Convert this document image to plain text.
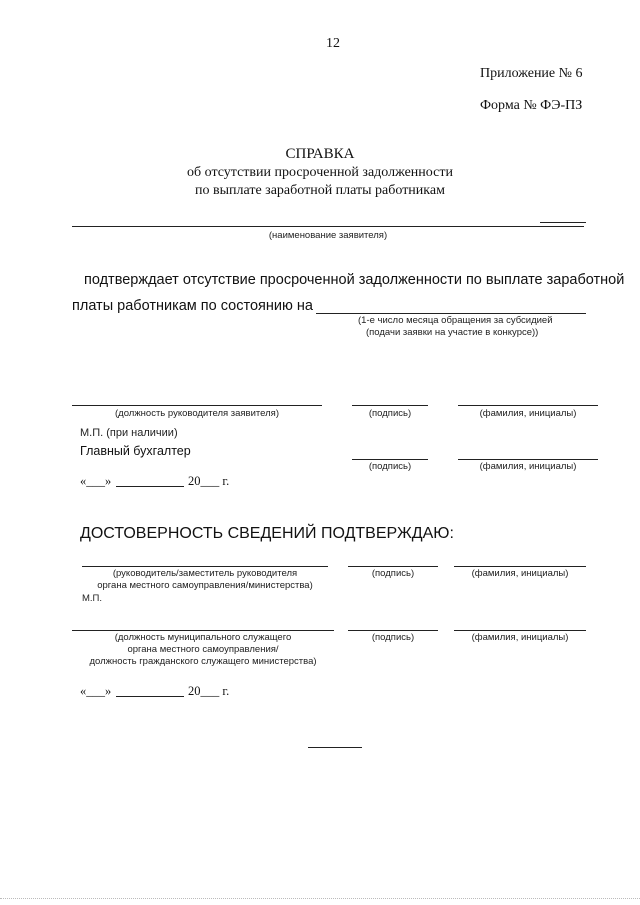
12
Приложение № 6
Форма № ФЭ-ПЗ
СПРАВКА
об отсутствии просроченной задолженности
по выплате заработной платы работникам
(наименование заявителя)
подтверждает отсутствие просроченной задолженности по выплате заработной
платы работникам по состоянию на
(1-е число месяца обращения за субсидией
(подачи заявки на участие в конкурсе))
(должность руководителя заявителя)	(подпись)	(фамилия, инициалы)
М.П. (при наличии)
Главный бухгалтер
(подпись)	(фамилия, инициалы)
«___»	20___ г.
ДОСТОВЕРНОСТЬ СВЕДЕНИЙ ПОДТВЕРЖДАЮ:
(руководитель/заместитель руководителя
органа местного самоуправления/министерства)
(подпись)	(фамилия, инициалы)
М.П.
(должность муниципального служащего
органа местного самоуправления/
должность гражданского служащего министерства)
(подпись)	(фамилия, инициалы)
«___»	20___ г.
